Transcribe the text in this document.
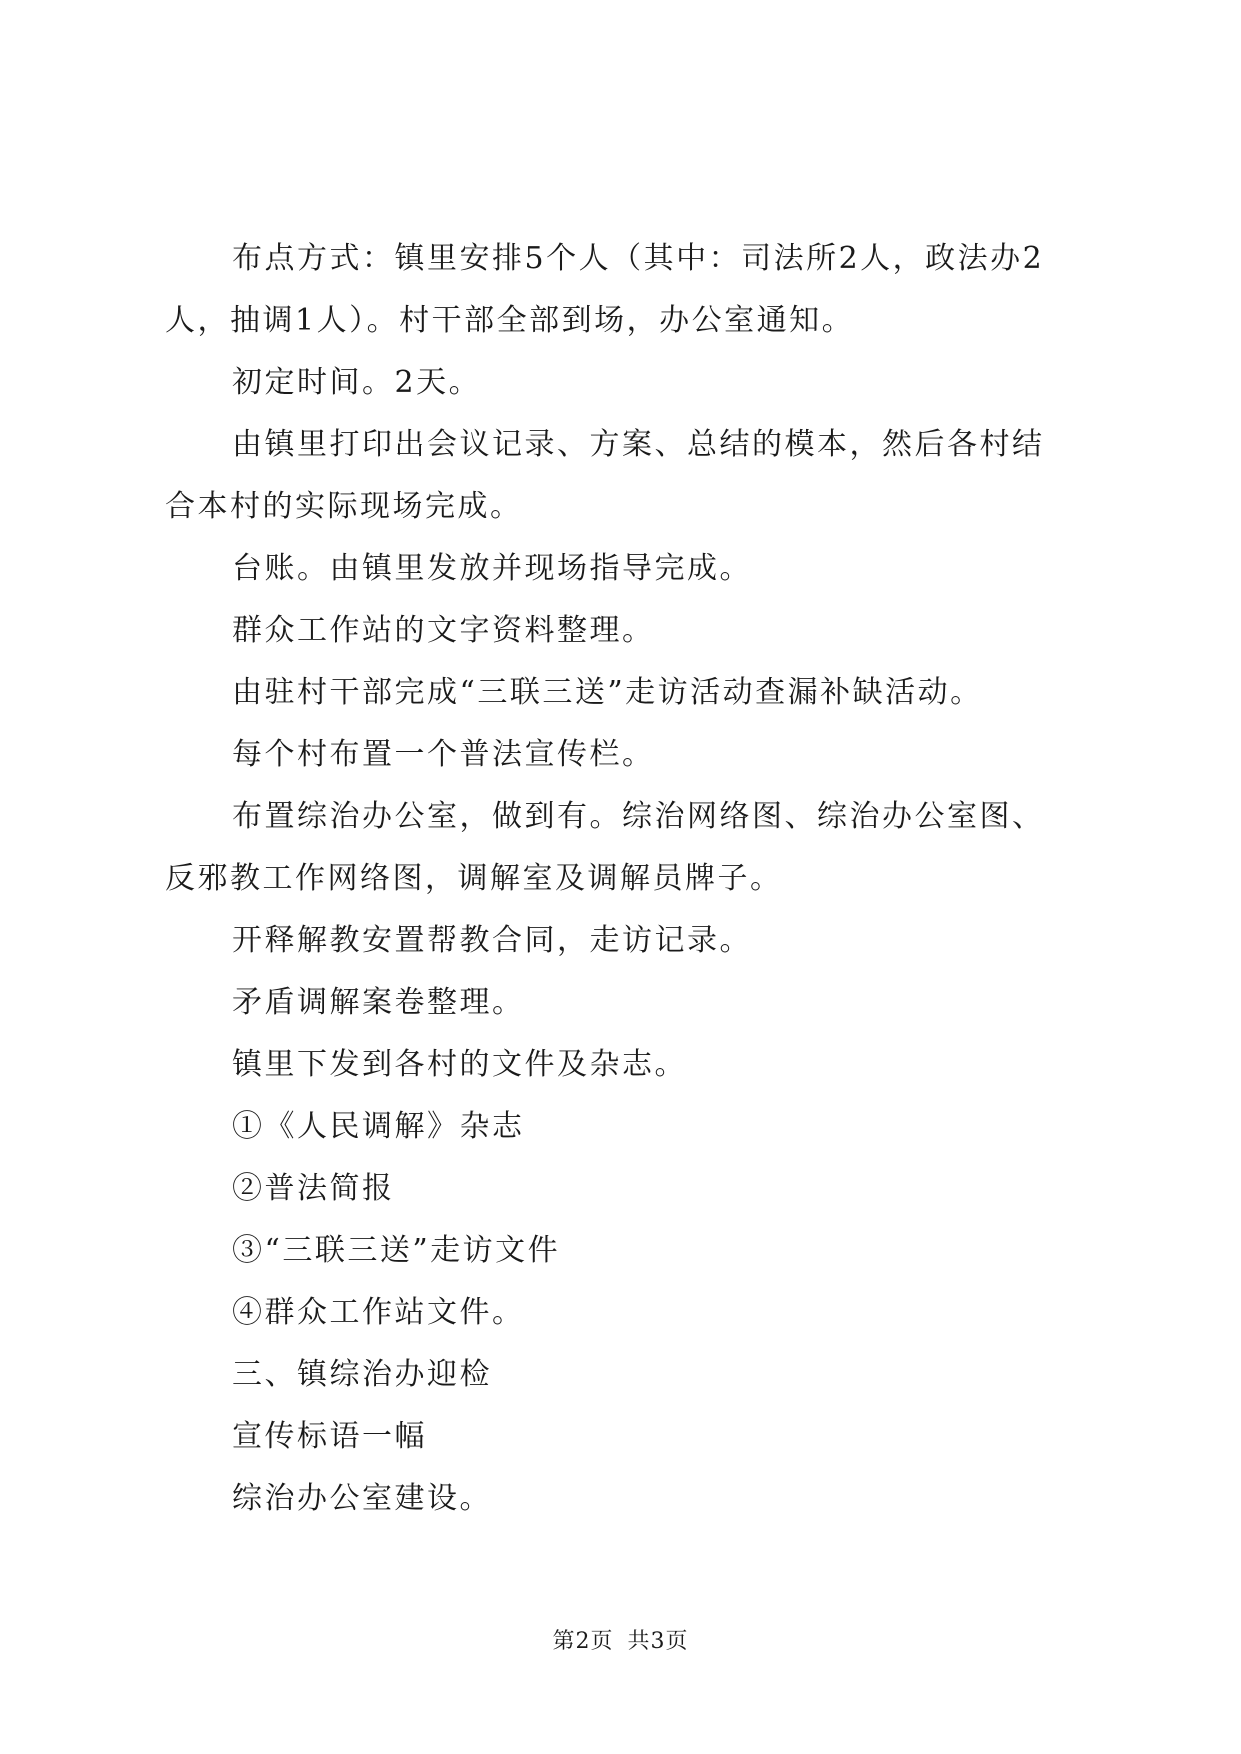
布点方式：镇里安排5个人（其中：司法所2人，政法办2人，抽调1人）。村干部全部到场，办公室通知。

初定时间。2天。

由镇里打印出会议记录、方案、总结的模本，然后各村结合本村的实际现场完成。

台账。由镇里发放并现场指导完成。

群众工作站的文字资料整理。

由驻村干部完成“三联三送”走访活动查漏补缺活动。

每个村布置一个普法宣传栏。

布置综治办公室，做到有。综治网络图、综治办公室图、反邪教工作网络图，调解室及调解员牌子。

开释解教安置帮教合同，走访记录。

矛盾调解案卷整理。

镇里下发到各村的文件及杂志。

①《人民调解》杂志

②普法简报

③“三联三送”走访文件

④群众工作站文件。

三、镇综治办迎检

宣传标语一幅

综治办公室建设。

第2页 共3页
